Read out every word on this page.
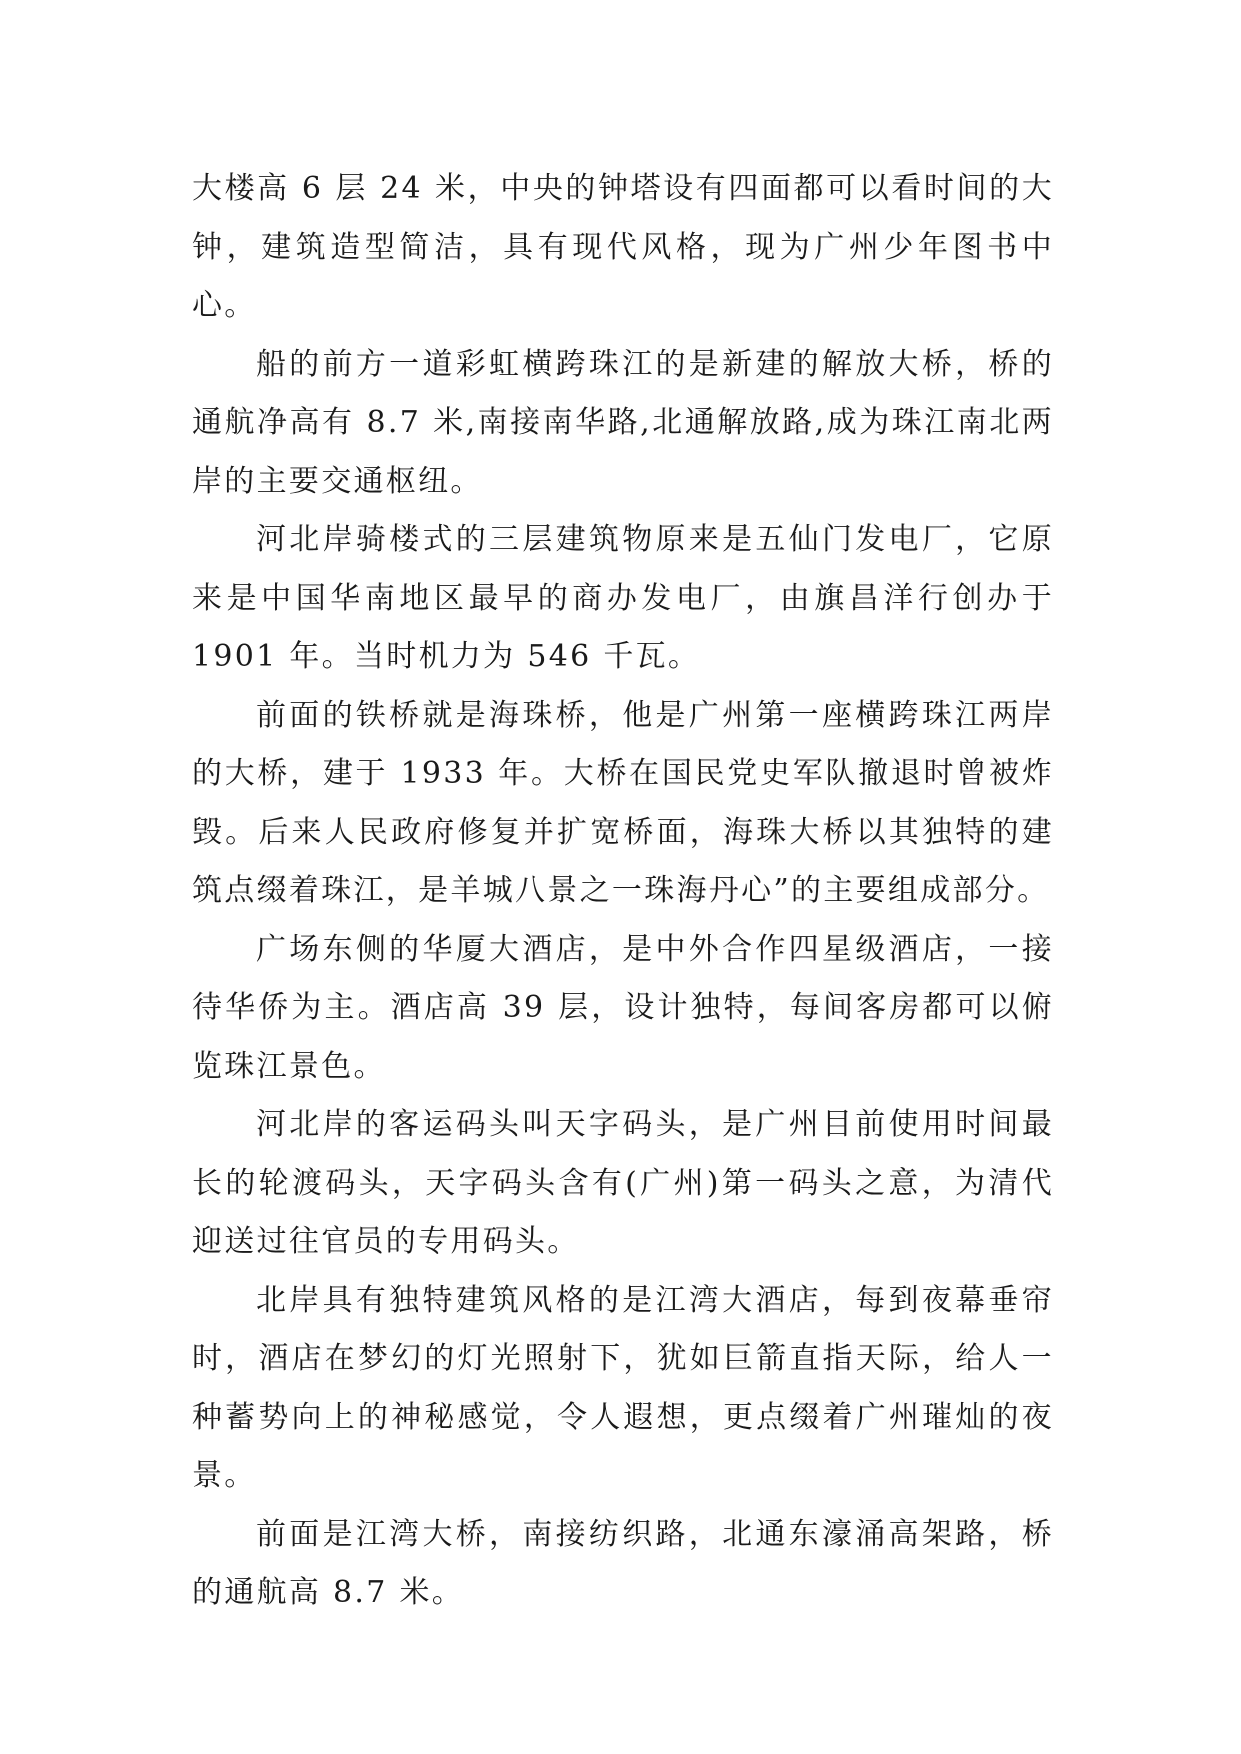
大楼高 6 层 24 米，中央的钟塔设有四面都可以看时间的大钟，建筑造型简洁，具有现代风格，现为广州少年图书中心。

船的前方一道彩虹横跨珠江的是新建的解放大桥，桥的通航净高有 8.7 米,南接南华路,北通解放路,成为珠江南北两岸的主要交通枢纽。

河北岸骑楼式的三层建筑物原来是五仙门发电厂，它原来是中国华南地区最早的商办发电厂，由旗昌洋行创办于 1901 年。当时机力为 546 千瓦。

前面的铁桥就是海珠桥，他是广州第一座横跨珠江两岸的大桥，建于 1933 年。大桥在国民党史军队撤退时曾被炸毁。后来人民政府修复并扩宽桥面，海珠大桥以其独特的建筑点缀着珠江，是羊城八景之一珠海丹心”的主要组成部分。

广场东侧的华厦大酒店，是中外合作四星级酒店，一接待华侨为主。酒店高 39 层，设计独特，每间客房都可以俯览珠江景色。

河北岸的客运码头叫天字码头，是广州目前使用时间最长的轮渡码头，天字码头含有(广州)第一码头之意，为清代迎送过往官员的专用码头。

北岸具有独特建筑风格的是江湾大酒店，每到夜幕垂帘时，酒店在梦幻的灯光照射下，犹如巨箭直指天际，给人一种蓄势向上的神秘感觉，令人遐想，更点缀着广州璀灿的夜景。

前面是江湾大桥，南接纺织路，北通东濠涌高架路，桥的通航高 8.7 米。
